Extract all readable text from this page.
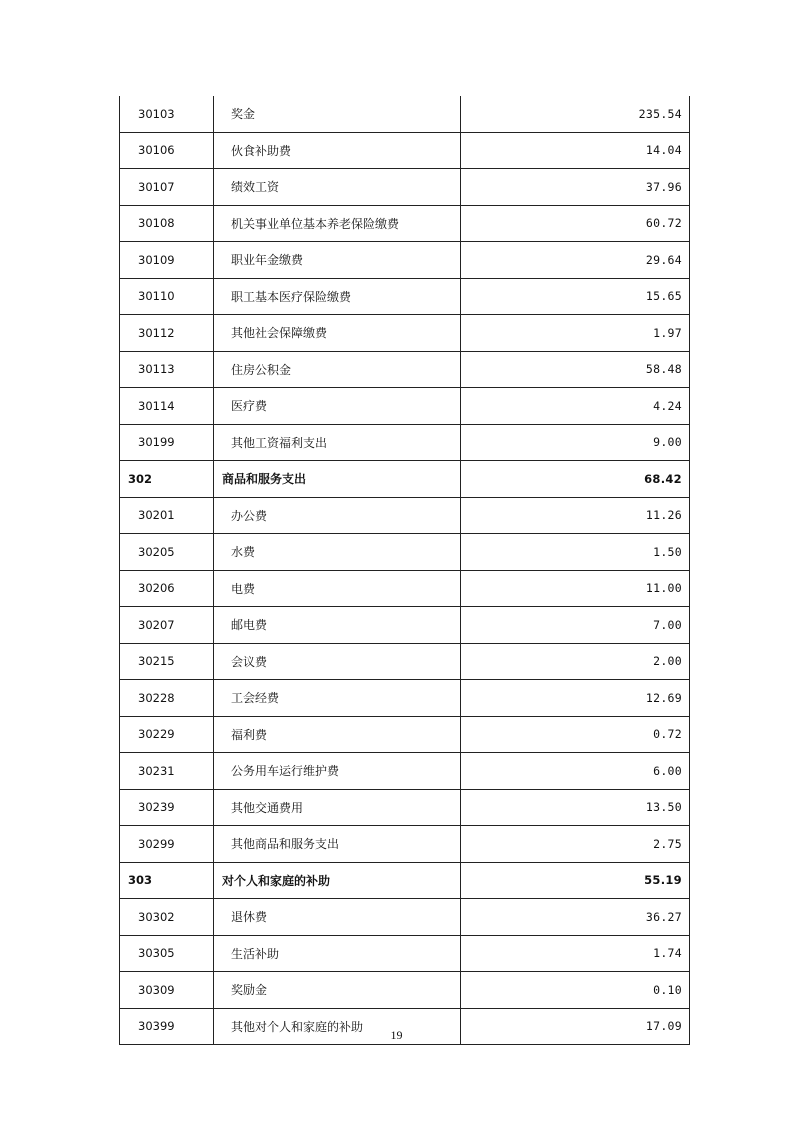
30103	奖金	235.54
30106	伙食补助费	14.04
30107	绩效工资	37.96
30108	机关事业单位基本养老保险缴费	60.72
30109	职业年金缴费	29.64
30110	职工基本医疗保险缴费	15.65
30112	其他社会保障缴费	1.97
30113	住房公积金	58.48
30114	医疗费	4.24
30199	其他工资福利支出	9.00
302	商品和服务支出	68.42
30201	办公费	11.26
30205	水费	1.50
30206	电费	11.00
30207	邮电费	7.00
30215	会议费	2.00
30228	工会经费	12.69
30229	福利费	0.72
30231	公务用车运行维护费	6.00
30239	其他交通费用	13.50
30299	其他商品和服务支出	2.75
303	对个人和家庭的补助	55.19
30302	退休费	36.27
30305	生活补助	1.74
30309	奖励金	0.10
30399	其他对个人和家庭的补助	17.09
19
